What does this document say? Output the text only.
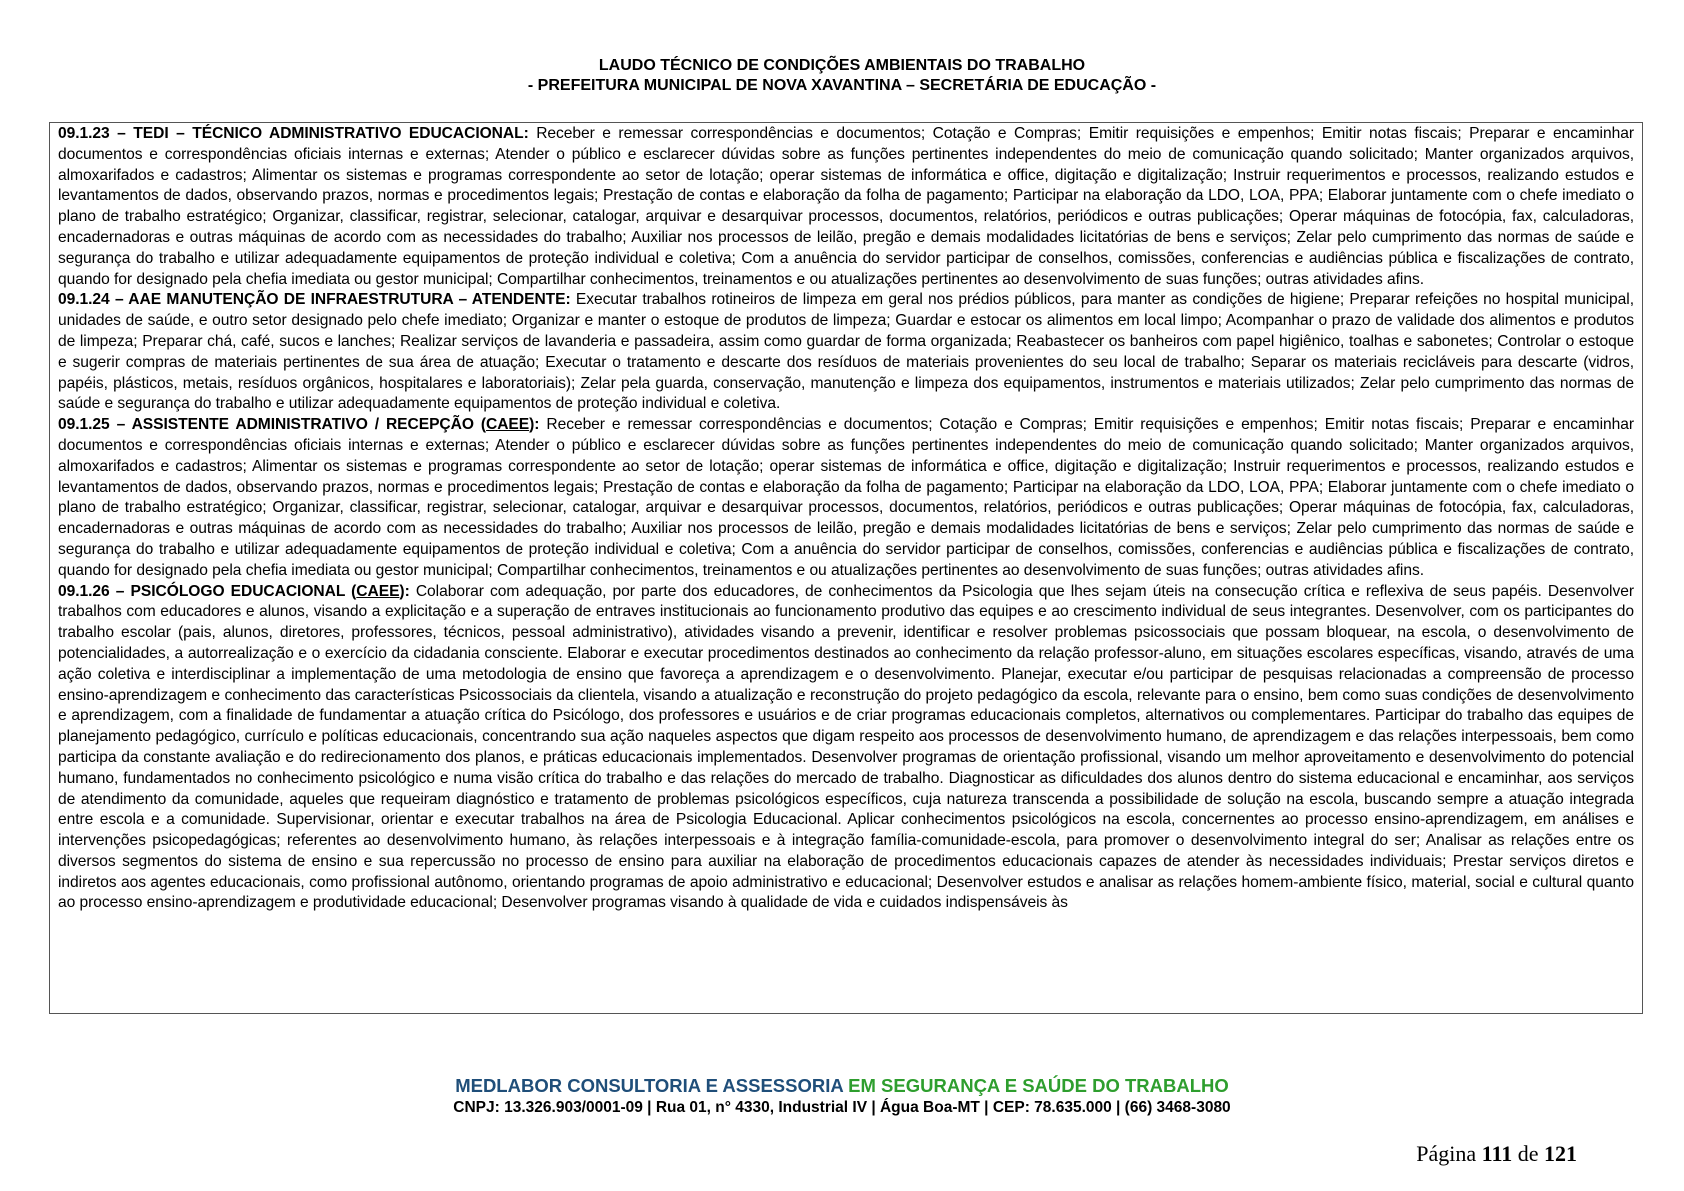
LAUDO TÉCNICO DE CONDIÇÕES AMBIENTAIS DO TRABALHO
- PREFEITURA MUNICIPAL DE NOVA XAVANTINA – SECRETÁRIA DE EDUCAÇÃO -

09.1.23 – TEDI – TÉCNICO ADMINISTRATIVO EDUCACIONAL: Receber e remessar correspondências e documentos; Cotação e Compras; Emitir requisições e empenhos; Emitir notas fiscais; Preparar e encaminhar documentos e correspondências oficiais internas e externas; Atender o público e esclarecer dúvidas sobre as funções pertinentes independentes do meio de comunicação quando solicitado; Manter organizados arquivos, almoxarifados e cadastros; Alimentar os sistemas e programas correspondente ao setor de lotação; operar sistemas de informática e office, digitação e digitalização; Instruir requerimentos e processos, realizando estudos e levantamentos de dados, observando prazos, normas e procedimentos legais; Prestação de contas e elaboração da folha de pagamento; Participar na elaboração da LDO, LOA, PPA; Elaborar juntamente com o chefe imediato o plano de trabalho estratégico; Organizar, classificar, registrar, selecionar, catalogar, arquivar e desarquivar processos, documentos, relatórios, periódicos e outras publicações; Operar máquinas de fotocópia, fax, calculadoras, encadernadoras e outras máquinas de acordo com as necessidades do trabalho; Auxiliar nos processos de leilão, pregão e demais modalidades licitatórias de bens e serviços; Zelar pelo cumprimento das normas de saúde e segurança do trabalho e utilizar adequadamente equipamentos de proteção individual e coletiva; Com a anuência do servidor participar de conselhos, comissões, conferencias e audiências pública e fiscalizações de contrato, quando for designado pela chefia imediata ou gestor municipal; Compartilhar conhecimentos, treinamentos e ou atualizações pertinentes ao desenvolvimento de suas funções; outras atividades afins.

09.1.24 – AAE MANUTENÇÃO DE INFRAESTRUTURA – ATENDENTE: Executar trabalhos rotineiros de limpeza em geral nos prédios públicos, para manter as condições de higiene; Preparar refeições no hospital municipal, unidades de saúde, e outro setor designado pelo chefe imediato; Organizar e manter o estoque de produtos de limpeza; Guardar e estocar os alimentos em local limpo; Acompanhar o prazo de validade dos alimentos e produtos de limpeza; Preparar chá, café, sucos e lanches; Realizar serviços de lavanderia e passadeira, assim como guardar de forma organizada; Reabastecer os banheiros com papel higiênico, toalhas e sabonetes; Controlar o estoque e sugerir compras de materiais pertinentes de sua área de atuação; Executar o tratamento e descarte dos resíduos de materiais provenientes do seu local de trabalho; Separar os materiais recicláveis para descarte (vidros, papéis, plásticos, metais, resíduos orgânicos, hospitalares e laboratoriais); Zelar pela guarda, conservação, manutenção e limpeza dos equipamentos, instrumentos e materiais utilizados; Zelar pelo cumprimento das normas de saúde e segurança do trabalho e utilizar adequadamente equipamentos de proteção individual e coletiva.

09.1.25 – ASSISTENTE ADMINISTRATIVO / RECEPÇÃO (CAEE): Receber e remessar correspondências e documentos; Cotação e Compras; Emitir requisições e empenhos; Emitir notas fiscais; Preparar e encaminhar documentos e correspondências oficiais internas e externas; Atender o público e esclarecer dúvidas sobre as funções pertinentes independentes do meio de comunicação quando solicitado; Manter organizados arquivos, almoxarifados e cadastros; Alimentar os sistemas e programas correspondente ao setor de lotação; operar sistemas de informática e office, digitação e digitalização; Instruir requerimentos e processos, realizando estudos e levantamentos de dados, observando prazos, normas e procedimentos legais; Prestação de contas e elaboração da folha de pagamento; Participar na elaboração da LDO, LOA, PPA; Elaborar juntamente com o chefe imediato o plano de trabalho estratégico; Organizar, classificar, registrar, selecionar, catalogar, arquivar e desarquivar processos, documentos, relatórios, periódicos e outras publicações; Operar máquinas de fotocópia, fax, calculadoras, encadernadoras e outras máquinas de acordo com as necessidades do trabalho; Auxiliar nos processos de leilão, pregão e demais modalidades licitatórias de bens e serviços; Zelar pelo cumprimento das normas de saúde e segurança do trabalho e utilizar adequadamente equipamentos de proteção individual e coletiva; Com a anuência do servidor participar de conselhos, comissões, conferencias e audiências pública e fiscalizações de contrato, quando for designado pela chefia imediata ou gestor municipal; Compartilhar conhecimentos, treinamentos e ou atualizações pertinentes ao desenvolvimento de suas funções; outras atividades afins.

09.1.26 – PSICÓLOGO EDUCACIONAL (CAEE): Colaborar com adequação, por parte dos educadores, de conhecimentos da Psicologia que lhes sejam úteis na consecução crítica e reflexiva de seus papéis. Desenvolver trabalhos com educadores e alunos, visando a explicitação e a superação de entraves institucionais ao funcionamento produtivo das equipes e ao crescimento individual de seus integrantes. Desenvolver, com os participantes do trabalho escolar (pais, alunos, diretores, professores, técnicos, pessoal administrativo), atividades visando a prevenir, identificar e resolver problemas psicossociais que possam bloquear, na escola, o desenvolvimento de potencialidades, a autorrealização e o exercício da cidadania consciente. Elaborar e executar procedimentos destinados ao conhecimento da relação professor-aluno, em situações escolares específicas, visando, através de uma ação coletiva e interdisciplinar a implementação de uma metodologia de ensino que favoreça a aprendizagem e o desenvolvimento. Planejar, executar e/ou participar de pesquisas relacionadas a compreensão de processo ensino-aprendizagem e conhecimento das características Psicossociais da clientela, visando a atualização e reconstrução do projeto pedagógico da escola, relevante para o ensino, bem como suas condições de desenvolvimento e aprendizagem, com a finalidade de fundamentar a atuação crítica do Psicólogo, dos professores e usuários e de criar programas educacionais completos, alternativos ou complementares. Participar do trabalho das equipes de planejamento pedagógico, currículo e políticas educacionais, concentrando sua ação naqueles aspectos que digam respeito aos processos de desenvolvimento humano, de aprendizagem e das relações interpessoais, bem como participa da constante avaliação e do redirecionamento dos planos, e práticas educacionais implementados. Desenvolver programas de orientação profissional, visando um melhor aproveitamento e desenvolvimento do potencial humano, fundamentados no conhecimento psicológico e numa visão crítica do trabalho e das relações do mercado de trabalho. Diagnosticar as dificuldades dos alunos dentro do sistema educacional e encaminhar, aos serviços de atendimento da comunidade, aqueles que requeiram diagnóstico e tratamento de problemas psicológicos específicos, cuja natureza transcenda a possibilidade de solução na escola, buscando sempre a atuação integrada entre escola e a comunidade. Supervisionar, orientar e executar trabalhos na área de Psicologia Educacional. Aplicar conhecimentos psicológicos na escola, concernentes ao processo ensino-aprendizagem, em análises e intervenções psicopedagógicas; referentes ao desenvolvimento humano, às relações interpessoais e à integração família-comunidade-escola, para promover o desenvolvimento integral do ser; Analisar as relações entre os diversos segmentos do sistema de ensino e sua repercussão no processo de ensino para auxiliar na elaboração de procedimentos educacionais capazes de atender às necessidades individuais; Prestar serviços diretos e indiretos aos agentes educacionais, como profissional autônomo, orientando programas de apoio administrativo e educacional; Desenvolver estudos e analisar as relações homem-ambiente físico, material, social e cultural quanto ao processo ensino-aprendizagem e produtividade educacional; Desenvolver programas visando à qualidade de vida e cuidados indispensáveis às

MEDLABOR CONSULTORIA E ASSESSORIA EM SEGURANÇA E SAÚDE DO TRABALHO
CNPJ: 13.326.903/0001-09 | Rua 01, n° 4330, Industrial IV | Água Boa-MT | CEP: 78.635.000 | (66) 3468-3080
Página 111 de 121
